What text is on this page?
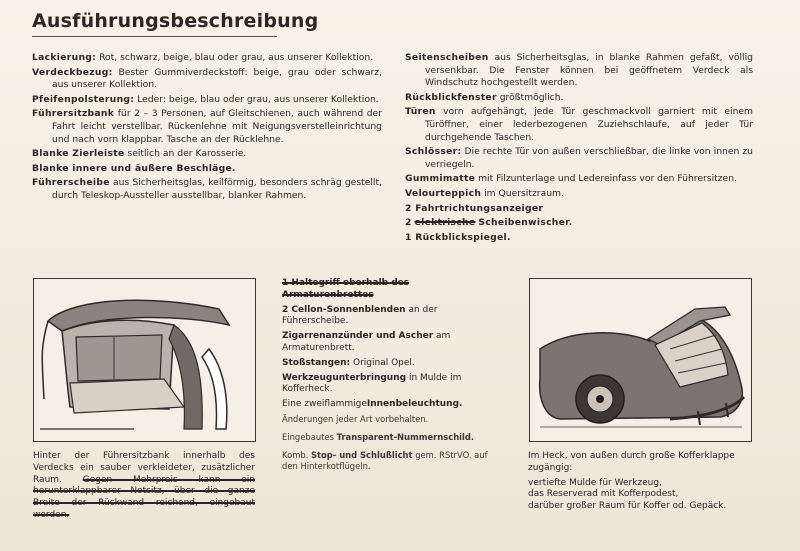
Ausführungsbeschreibung

Lackierung: Rot, schwarz, beige, blau oder grau, aus unserer Kollektion.

Verdeckbezug: Bester Gummiverdeckstoff: beige, grau oder schwarz, aus unserer Kollektion.

Pfeifenpolsterung: Leder: beige, blau oder grau, aus unserer Kollektion.

Führersitzbank für 2 – 3 Personen, auf Gleitschienen, auch während der Fahrt leicht verstellbar. Rückenlehne mit Neigungsverstelleinrichtung und nach vorn klappbar. Tasche an der Rücklehne.

Blanke Zierleiste seitlich an der Karosserie.

Blanke innere und äußere Beschläge.

Führerscheibe aus Sicherheitsglas, keilförmig, besonders schräg gestellt, durch Teleskop-Aussteller ausstellbar, blanker Rahmen.

Seitenscheiben aus Sicherheitsglas, in blanke Rahmen gefaßt, völlig versenkbar. Die Fenster können bei geöffnetem Verdeck als Windschutz hochgestellt werden.

Rückblickfenster größtmöglich.

Türen vorn aufgehängt, jede Tür geschmackvoll garniert mit einem Türöffner, einer lederbezogenen Zuziehschlaufe, auf jeder Tür durchgehende Taschen.

Schlösser: Die rechte Tür von außen verschließbar, die linke von innen zu verriegeln.

Gummimatte mit Filzunterlage und Ledereinfass vor den Führersitzen.

Velourteppich im Quersitzraum.

2 Fahrtrichtungsanzeiger

2 elektrische Scheibenwischer.

1 Rückblickspiegel.

1 Haltegriff oberhalb des Armaturenbrettes

2 Cellon-Sonnenblenden an der Führerscheibe.

Zigarrenanzünder und Ascher am Armaturenbrett.

Stoßstangen: Original Opel.

Werkzeugunterbringung in Mulde im Kofferheck.

Eine zweiflammigeInnenbeleuchtung.

Änderungen jeder Art vorbehalten.

Eingebautes Transparent-Nummernschild.

Komb. Stop- und Schlußlicht gem. RStrVO. auf den Hinterkotflügeln.

Hinter der Führersitzbank innerhalb des Verdecks ein sauber verkleideter, zusätzlicher Raum. Gegen Mehrpreis kann ein herunterklappbarer Notsitz, über die ganze Breite der Rückwand reichend, eingebaut werden.
Im Heck, von außen durch große Kofferklappe zugängig:
vertiefte Mulde für Werkzeug,
das Reserverad mit Kofferpodest,
darüber großer Raum für Koffer od. Gepäck.
